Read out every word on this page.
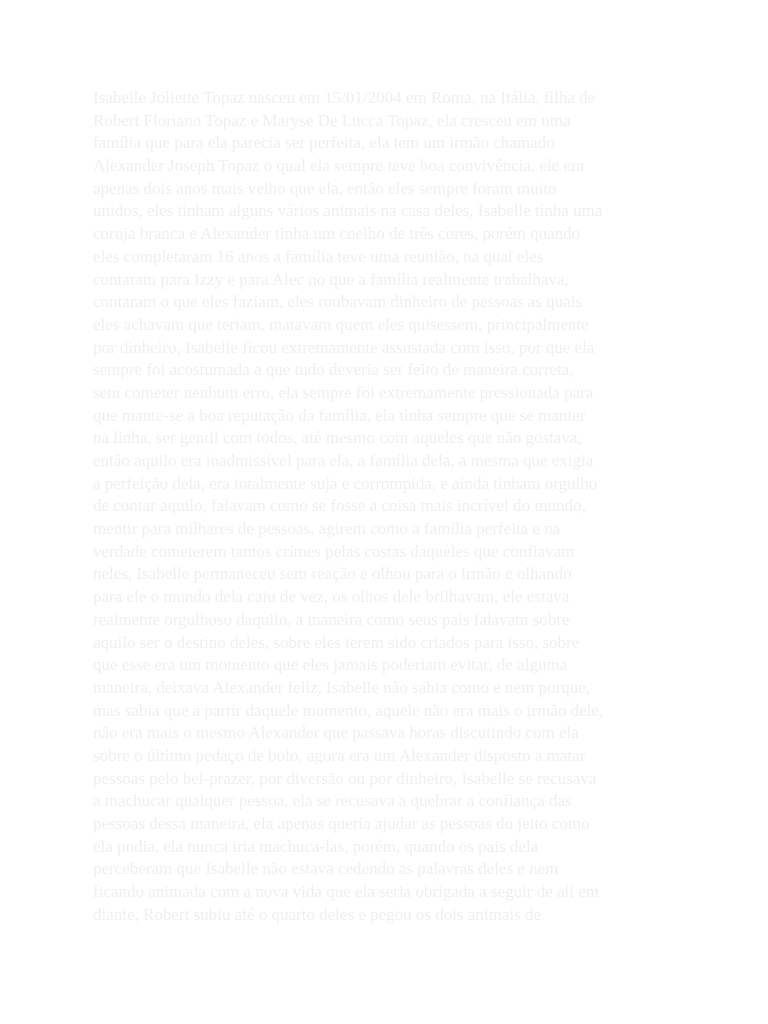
Isabelle Joliette Topaz nasceu em 15/01/2004 em Roma, na Itália, filha de
Robert Floriano Topaz e Maryse De Lucca Topaz, ela cresceu em uma
família que para ela parecia ser perfeita, ela tem um irmão chamado
Alexander Joseph Topaz o qual ela sempre teve boa convivência, ele era
apenas dois anos mais velho que ela, então eles sempre foram muito
unidos, eles tinham alguns vários animais na casa deles, Isabelle tinha uma
coruja branca e Alexander tinha um coelho de três cores, porém quando
eles completaram 16 anos a família teve uma reunião, na qual eles
contaram para Izzy e para Alec no que a família realmente trabalhava,
contaram o que eles faziam, eles roubavam dinheiro de pessoas as quais
eles achavam que teriam, matavam quem eles quisessem, principalmente
por dinheiro, Isabelle ficou extremamente assustada com isso, por que ela
sempre foi acostumada a que tudo deveria ser feito de maneira correta,
sem cometer nenhum erro, ela sempre foi extremamente pressionada para
que mante-se a boa reputação da família, ela tinha sempre que se manter
na linha, ser gentil com todos, até mesmo com aqueles que não gostava,
então aquilo era inadmissível para ela, a família dela, a mesma que exigia
a perfeição dela, era totalmente suja e corrompida, e ainda tinham orgulho
de contar aquilo, falavam como se fosse a coisa mais incrível do mundo,
mentir para milhares de pessoas, agirem como a família perfeita e na
verdade cometerem tantos crimes pelas costas daqueles que confiavam
neles, Isabelle permaneceu sem reação e olhou para o irmão e olhando
para ele o mundo dela caiu de vez, os olhos dele brilhavam, ele estava
realmente orgulhoso daquilo, a maneira como seus pais falavam sobre
aquilo ser o destino deles, sobre eles terem sido criados para isso, sobre
que esse era um momento que eles jamais poderiam evitar, de alguma
maneira, deixava Alexander feliz, Isabelle não sabia como e nem porque,
mas sabia que a partir daquele momento, aquele não era mais o irmão dele,
não era mais o mesmo Alexander que passava horas discutindo com ela
sobre o último pedaço de bolo, agora era um Alexander disposto a matar
pessoas pelo bel-prazer, por diversão ou por dinheiro, Isabelle se recusava
a machucar qualquer pessoa, ela se recusava a quebrar a confiança das
pessoas dessa maneira, ela apenas queria ajudar as pessoas do jeito como
ela podia, ela nunca iria machuca-las, porém, quando os pais dela
perceberam que Isabelle não estava cedendo as palavras deles e nem
ficando animada com a nova vida que ela seria obrigada a seguir de ali em
diante, Robert subiu até o quarto deles e pegou os dois animais de
